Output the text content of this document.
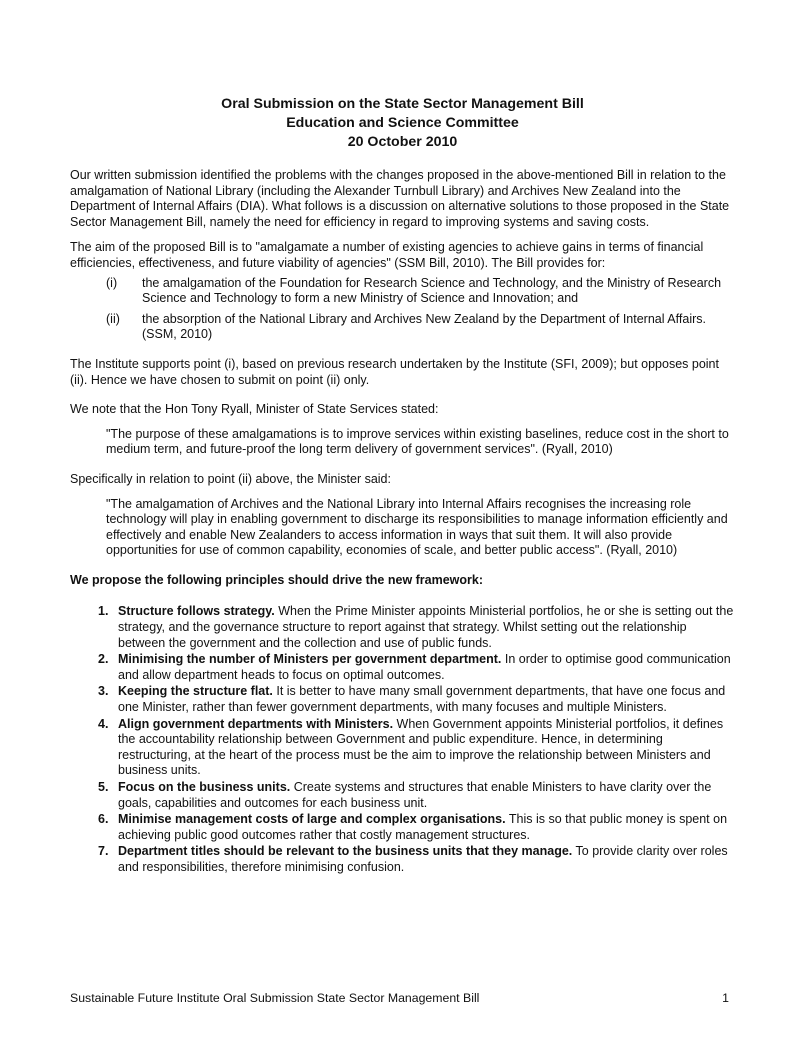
Oral Submission on the State Sector Management Bill
Education and Science Committee
20 October 2010

Our written submission identified the problems with the changes proposed in the above-mentioned Bill in relation to the amalgamation of National Library (including the Alexander Turnbull Library) and Archives New Zealand into the Department of Internal Affairs (DIA). What follows is a discussion on alternative solutions to those proposed in the State Sector Management Bill, namely the need for efficiency in regard to improving systems and saving costs.

The aim of the proposed Bill is to "amalgamate a number of existing agencies to achieve gains in terms of financial efficiencies, effectiveness, and future viability of agencies" (SSM Bill, 2010). The Bill provides for:

(i)	the amalgamation of the Foundation for Research Science and Technology, and the Ministry of Research Science and Technology to form a new Ministry of Science and Innovation; and
(ii)	the absorption of the National Library and Archives New Zealand by the Department of Internal Affairs. (SSM, 2010)

The Institute supports point (i), based on previous research undertaken by the Institute (SFI, 2009); but opposes point (ii). Hence we have chosen to submit on point (ii) only.

We note that the Hon Tony Ryall, Minister of State Services stated:

"The purpose of these amalgamations is to improve services within existing baselines, reduce cost in the short to medium term, and future-proof the long term delivery of government services". (Ryall, 2010)

Specifically in relation to point (ii) above, the Minister said:

"The amalgamation of Archives and the National Library into Internal Affairs recognises the increasing role technology will play in enabling government to discharge its responsibilities to manage information efficiently and effectively and enable New Zealanders to access information in ways that suit them. It will also provide opportunities for use of common capability, economies of scale, and better public access". (Ryall, 2010)

We propose the following principles should drive the new framework:

1. Structure follows strategy. When the Prime Minister appoints Ministerial portfolios, he or she is setting out the strategy, and the governance structure to report against that strategy. Whilst setting out the relationship between the government and the collection and use of public funds.
2. Minimising the number of Ministers per government department. In order to optimise good communication and allow department heads to focus on optimal outcomes.
3. Keeping the structure flat. It is better to have many small government departments, that have one focus and one Minister, rather than fewer government departments, with many focuses and multiple Ministers.
4. Align government departments with Ministers. When Government appoints Ministerial portfolios, it defines the accountability relationship between Government and public expenditure. Hence, in determining restructuring, at the heart of the process must be the aim to improve the relationship between Ministers and business units.
5. Focus on the business units. Create systems and structures that enable Ministers to have clarity over the goals, capabilities and outcomes for each business unit.
6. Minimise management costs of large and complex organisations. This is so that public money is spent on achieving public good outcomes rather that costly management structures.
7. Department titles should be relevant to the business units that they manage. To provide clarity over roles and responsibilities, therefore minimising confusion.
Sustainable Future Institute Oral Submission State Sector Management Bill	1
